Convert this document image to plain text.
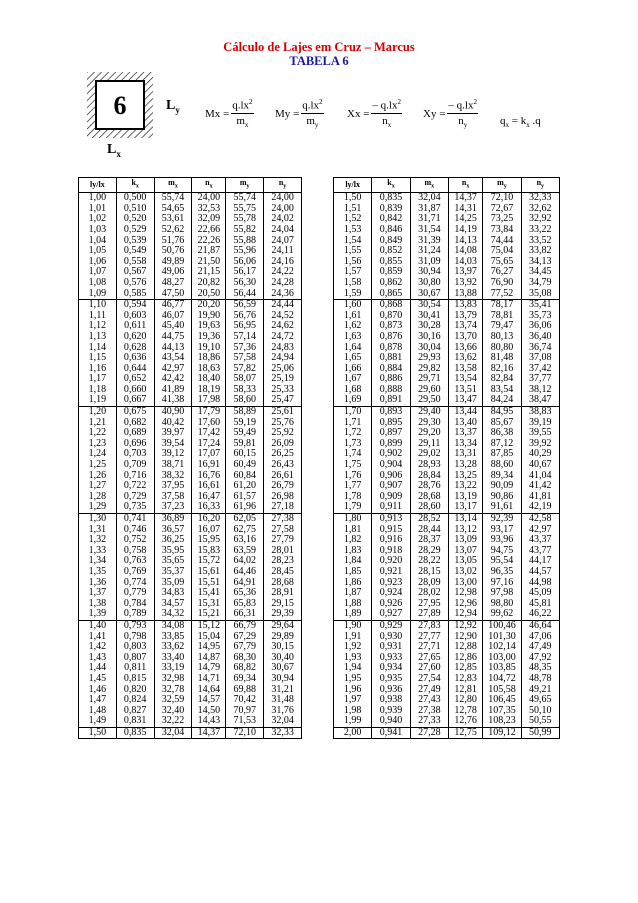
Cálculo de Lajes em Cruz – Marcus
TABELA 6
6	$L_y$
$L_x$
$Mx = \frac{q.lx^2}{m_x}$ $My = \frac{q.lx^2}{m_y}$ $Xx = \frac{- q.lx^2}{n_x}$ $Xy = \frac{- q.lx^2}{n_y} q_x = k_x$ .q
ly/lx	$k_x$	$m_x$	$n_x$	$m_y$	$n_y$
1,00	0,500	55,74	24,00	55,74	24,00
1,01	0,510	54,65	32,53	55,75	24,00
1,02	0,520	53,61	32,09	55,78	24,02
1,03	0,529	52,62	22,66	55,82	24,04
1,04	0,539	51,76	22,26	55,88	24,07
1,05	0,549	50,76	21,87	55,96	24,11
1,06	0,558	49,89	21,50	56,06	24,16
1,07	0,567	49,06	21,15	56,17	24,22
1,08	0,576	48,27	20,82	56,30	24,28
1,09	0,585	47,50	20,50	56,44	24,36
1,10	0,594	46,77	20,20	56,59	24,44
1,11	0,603	46,07	19,90	56,76	24,52
1,12	0,611	45,40	19,63	56,95	24,62
1,13	0,620	44,75	19,36	57,14	24,72
1,14	0,628	44,13	19,10	57,36	24,83
1,15	0,636	43,54	18,86	57,58	24,94
1,16	0,644	42,97	18,63	57,82	25,06
1,17	0,652	42,42	18,40	58,07	25,19
1,18	0,660	41,89	18,19	58,33	25,33
1,19	0,667	41,38	17,98	58,60	25,47
1,20	0,675	40,90	17,79	58,89	25,61
1,21	0,682	40,42	17,60	59,19	25,76
1,22	0,689	39,97	17,42	59,49	25,92
1,23	0,696	39,54	17,24	59,81	26,09
1,24	0,703	39,12	17,07	60,15	26,25
1,25	0,709	38,71	16,91	60,49	26,43
1,26	0,716	38,32	16,76	60,84	26,61
1,27	0,722	37,95	16,61	61,20	26,79
1,28	0,729	37,58	16,47	61,57	26,98
1,29	0,735	37,23	16,33	61,96	27,18
1,30	0,741	36,89	16,20	62,05	27,38
1,31	0,746	36,57	16,07	62,75	27,58
1,32	0,752	36,25	15,95	63,16	27,79
1,33	0,758	35,95	15,83	63,59	28,01
1,34	0,763	35,65	15,72	64,02	28,23
1,35	0,769	35,37	15,61	64,46	28,45
1,36	0,774	35,09	15,51	64,91	28,68
1,37	0,779	34,83	15,41	65,36	28,91
1,38	0,784	34,57	15,31	65,83	29,15
1,39	0,789	34,32	15,21	66,31	29,39
1,40	0,793	34,08	15,12	66,79	29,64
1,41	0,798	33,85	15,04	67,29	29,89
1,42	0,803	33,62	14,95	67,79	30,15
1,43	0,807	33,40	14,87	68,30	30,40
1,44	0,811	33,19	14,79	68,82	30,67
1,45	0,815	32,98	14,71	69,34	30,94
1,46	0,820	32,78	14,64	69,88	31,21
1,47	0,824	32,59	14,57	70,42	31,48
1,48	0,827	32,40	14,50	70,97	31,76
1,49	0,831	32,22	14,43	71,53	32,04
1,50	0,835	32,04	14,37	72,10	32,33
ly/lx	$k_x$	$m_x$	$n_x$	$m_y$	$n_y$
1,50	0,835	32,04	14,37	72,10	32,33
1,51	0,839	31,87	14,31	72,67	32,62
1,52	0,842	31,71	14,25	73,25	32,92
1,53	0,846	31,54	14,19	73,84	33,22
1,54	0,849	31,39	14,13	74,44	33,52
1,55	0,852	31,24	14,08	75,04	33,82
1,56	0,855	31,09	14,03	75,65	34,13
1,57	0,859	30,94	13,97	76,27	34,45
1,58	0,862	30,80	13,92	76,90	34,79
1,59	0,865	30,67	13,88	77,52	35,08
1,60	0,868	30,54	13,83	78,17	35,41
1,61	0,870	30,41	13,79	78,81	35,73
1,62	0,873	30,28	13,74	79,47	36,06
1,63	0,876	30,16	13,70	80,13	36,40
1,64	0,878	30,04	13,66	80,80	36,74
1,65	0,881	29,93	13,62	81,48	37,08
1,66	0,884	29,82	13,58	82,16	37,42
1,67	0,886	29,71	13,54	82,84	37,77
1,68	0,888	29,60	13,51	83,54	38,12
1,69	0,891	29,50	13,47	84,24	38,47
1,70	0,893	29,40	13,44	84,95	38,83
1,71	0,895	29,30	13,40	85,67	39,19
1,72	0,897	29,20	13,37	86,38	39,55
1,73	0,899	29,11	13,34	87,12	39,92
1,74	0,902	29,02	13,31	87,85	40,29
1,75	0,904	28,93	13,28	88,60	40,67
1,76	0,906	28,84	13,25	89,34	41,04
1,77	0,907	28,76	13,22	90,09	41,42
1,78	0,909	28,68	13,19	90,86	41,81
1,79	0,911	28,60	13,17	91,61	42,19
1,80	0,913	28,52	13,14	92,39	42,58
1,81	0,915	28,44	13,12	93,17	42,97
1,82	0,916	28,37	13,09	93,96	43,37
1,83	0,918	28,29	13,07	94,75	43,77
1,84	0,920	28,22	13,05	95,54	44,17
1,85	0,921	28,15	13,02	96,35	44,57
1,86	0,923	28,09	13,00	97,16	44,98
1,87	0,924	28,02	12,98	97,98	45,09
1,88	0,926	27,95	12,96	98,80	45,81
1,89	0,927	27,89	12,94	99,62	46,22
1,90	0,929	27,83	12,92	100,46	46,64
1,91	0,930	27,77	12,90	101,30	47,06
1,92	0,931	27,71	12,88	102,14	47,49
1,93	0,933	27,65	12,86	103,00	47,92
1,94	0,934	27,60	12,85	103,85	48,35
1,95	0,935	27,54	12,83	104,72	48,78
1,96	0,936	27,49	12,81	105,58	49,21
1,97	0,938	27,43	12,80	106,45	49,65
1,98	0,939	27,38	12,78	107,35	50,10
1,99	0,940	27,33	12,76	108,23	50,55
2,00	0,941	27,28	12,75	109,12	50,99
